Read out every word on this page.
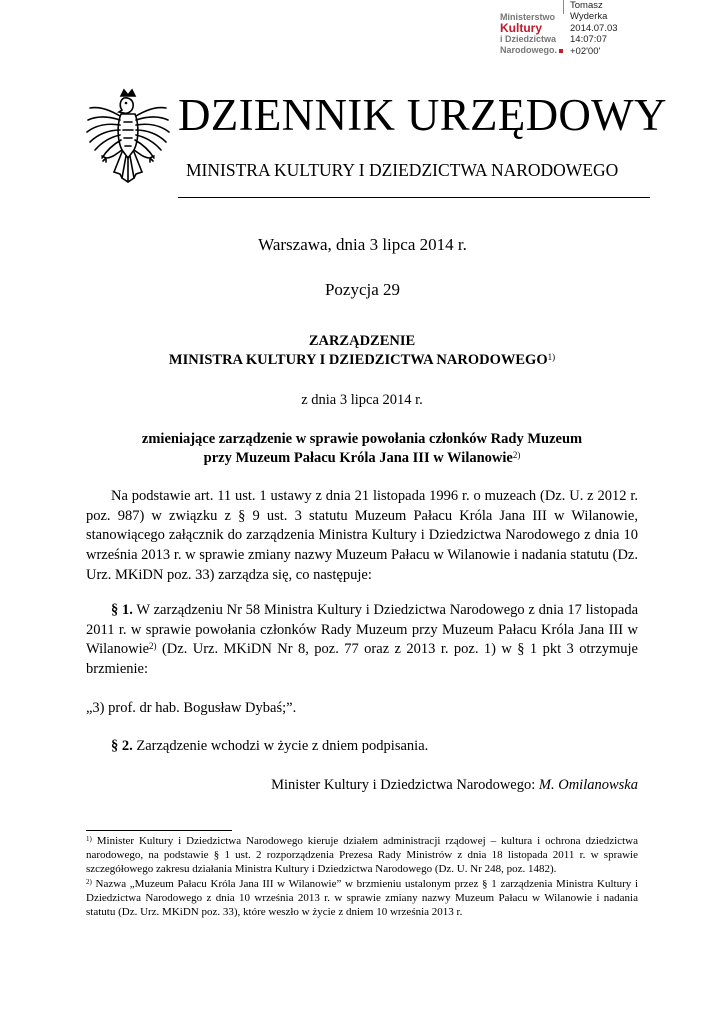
Ministerstwo
Kultury
i Dziedzictwa
Narodowego.
Tomasz
Wyderka
2014.07.03
14:07:07
+02'00'
DZIENNIK URZĘDOWY
MINISTRA KULTURY I DZIEDZICTWA NARODOWEGO
Warszawa, dnia 3 lipca 2014 r.
Pozycja 29
ZARZĄDZENIE
MINISTRA KULTURY I DZIEDZICTWA NARODOWEGO$^{1)}$
z dnia 3 lipca 2014 r.
zmieniające zarządzenie w sprawie powołania członków Rady Muzeum
przy Muzeum Pałacu Króla Jana III w Wilanowie$^{2)}$

Na podstawie art. 11 ust. 1 ustawy z dnia 21 listopada 1996 r. o muzeach (Dz. U. z 2012 r. poz. 987) w związku z § 9 ust. 3 statutu Muzeum Pałacu Króla Jana III w Wilanowie, stanowiącego załącznik do zarządzenia Ministra Kultury i Dziedzictwa Narodowego z dnia 10 września 2013 r. w sprawie zmiany nazwy Muzeum Pałacu w Wilanowie i nadania statutu (Dz. Urz. MKiDN poz. 33) zarządza się, co następuje:

§ 1. W zarządzeniu Nr 58 Ministra Kultury i Dziedzictwa Narodowego z dnia 17 listopada 2011 r. w sprawie powołania członków Rady Muzeum przy Muzeum Pałacu Króla Jana III w Wilanowie$^{2)}$ (Dz. Urz. MKiDN Nr 8, poz. 77 oraz z 2013 r. poz. 1) w § 1 pkt 3 otrzymuje brzmienie:

„3) prof. dr hab. Bogusław Dybaś;”.

§ 2. Zarządzenie wchodzi w życie z dniem podpisania.

Minister Kultury i Dziedzictwa Narodowego: M. Omilanowska

$^{1)}$ Minister Kultury i Dziedzictwa Narodowego kieruje działem administracji rządowej – kultura i ochrona dziedzictwa narodowego, na podstawie § 1 ust. 2 rozporządzenia Prezesa Rady Ministrów z dnia 18 listopada 2011 r. w sprawie szczegółowego zakresu działania Ministra Kultury i Dziedzictwa Narodowego (Dz. U. Nr 248, poz. 1482).

$^{2)}$ Nazwa „Muzeum Pałacu Króla Jana III w Wilanowie” w brzmieniu ustalonym przez § 1 zarządzenia Ministra Kultury i Dziedzictwa Narodowego z dnia 10 września 2013 r. w sprawie zmiany nazwy Muzeum Pałacu w Wilanowie i nadania statutu (Dz. Urz. MKiDN poz. 33), które weszło w życie z dniem 10 września 2013 r.
